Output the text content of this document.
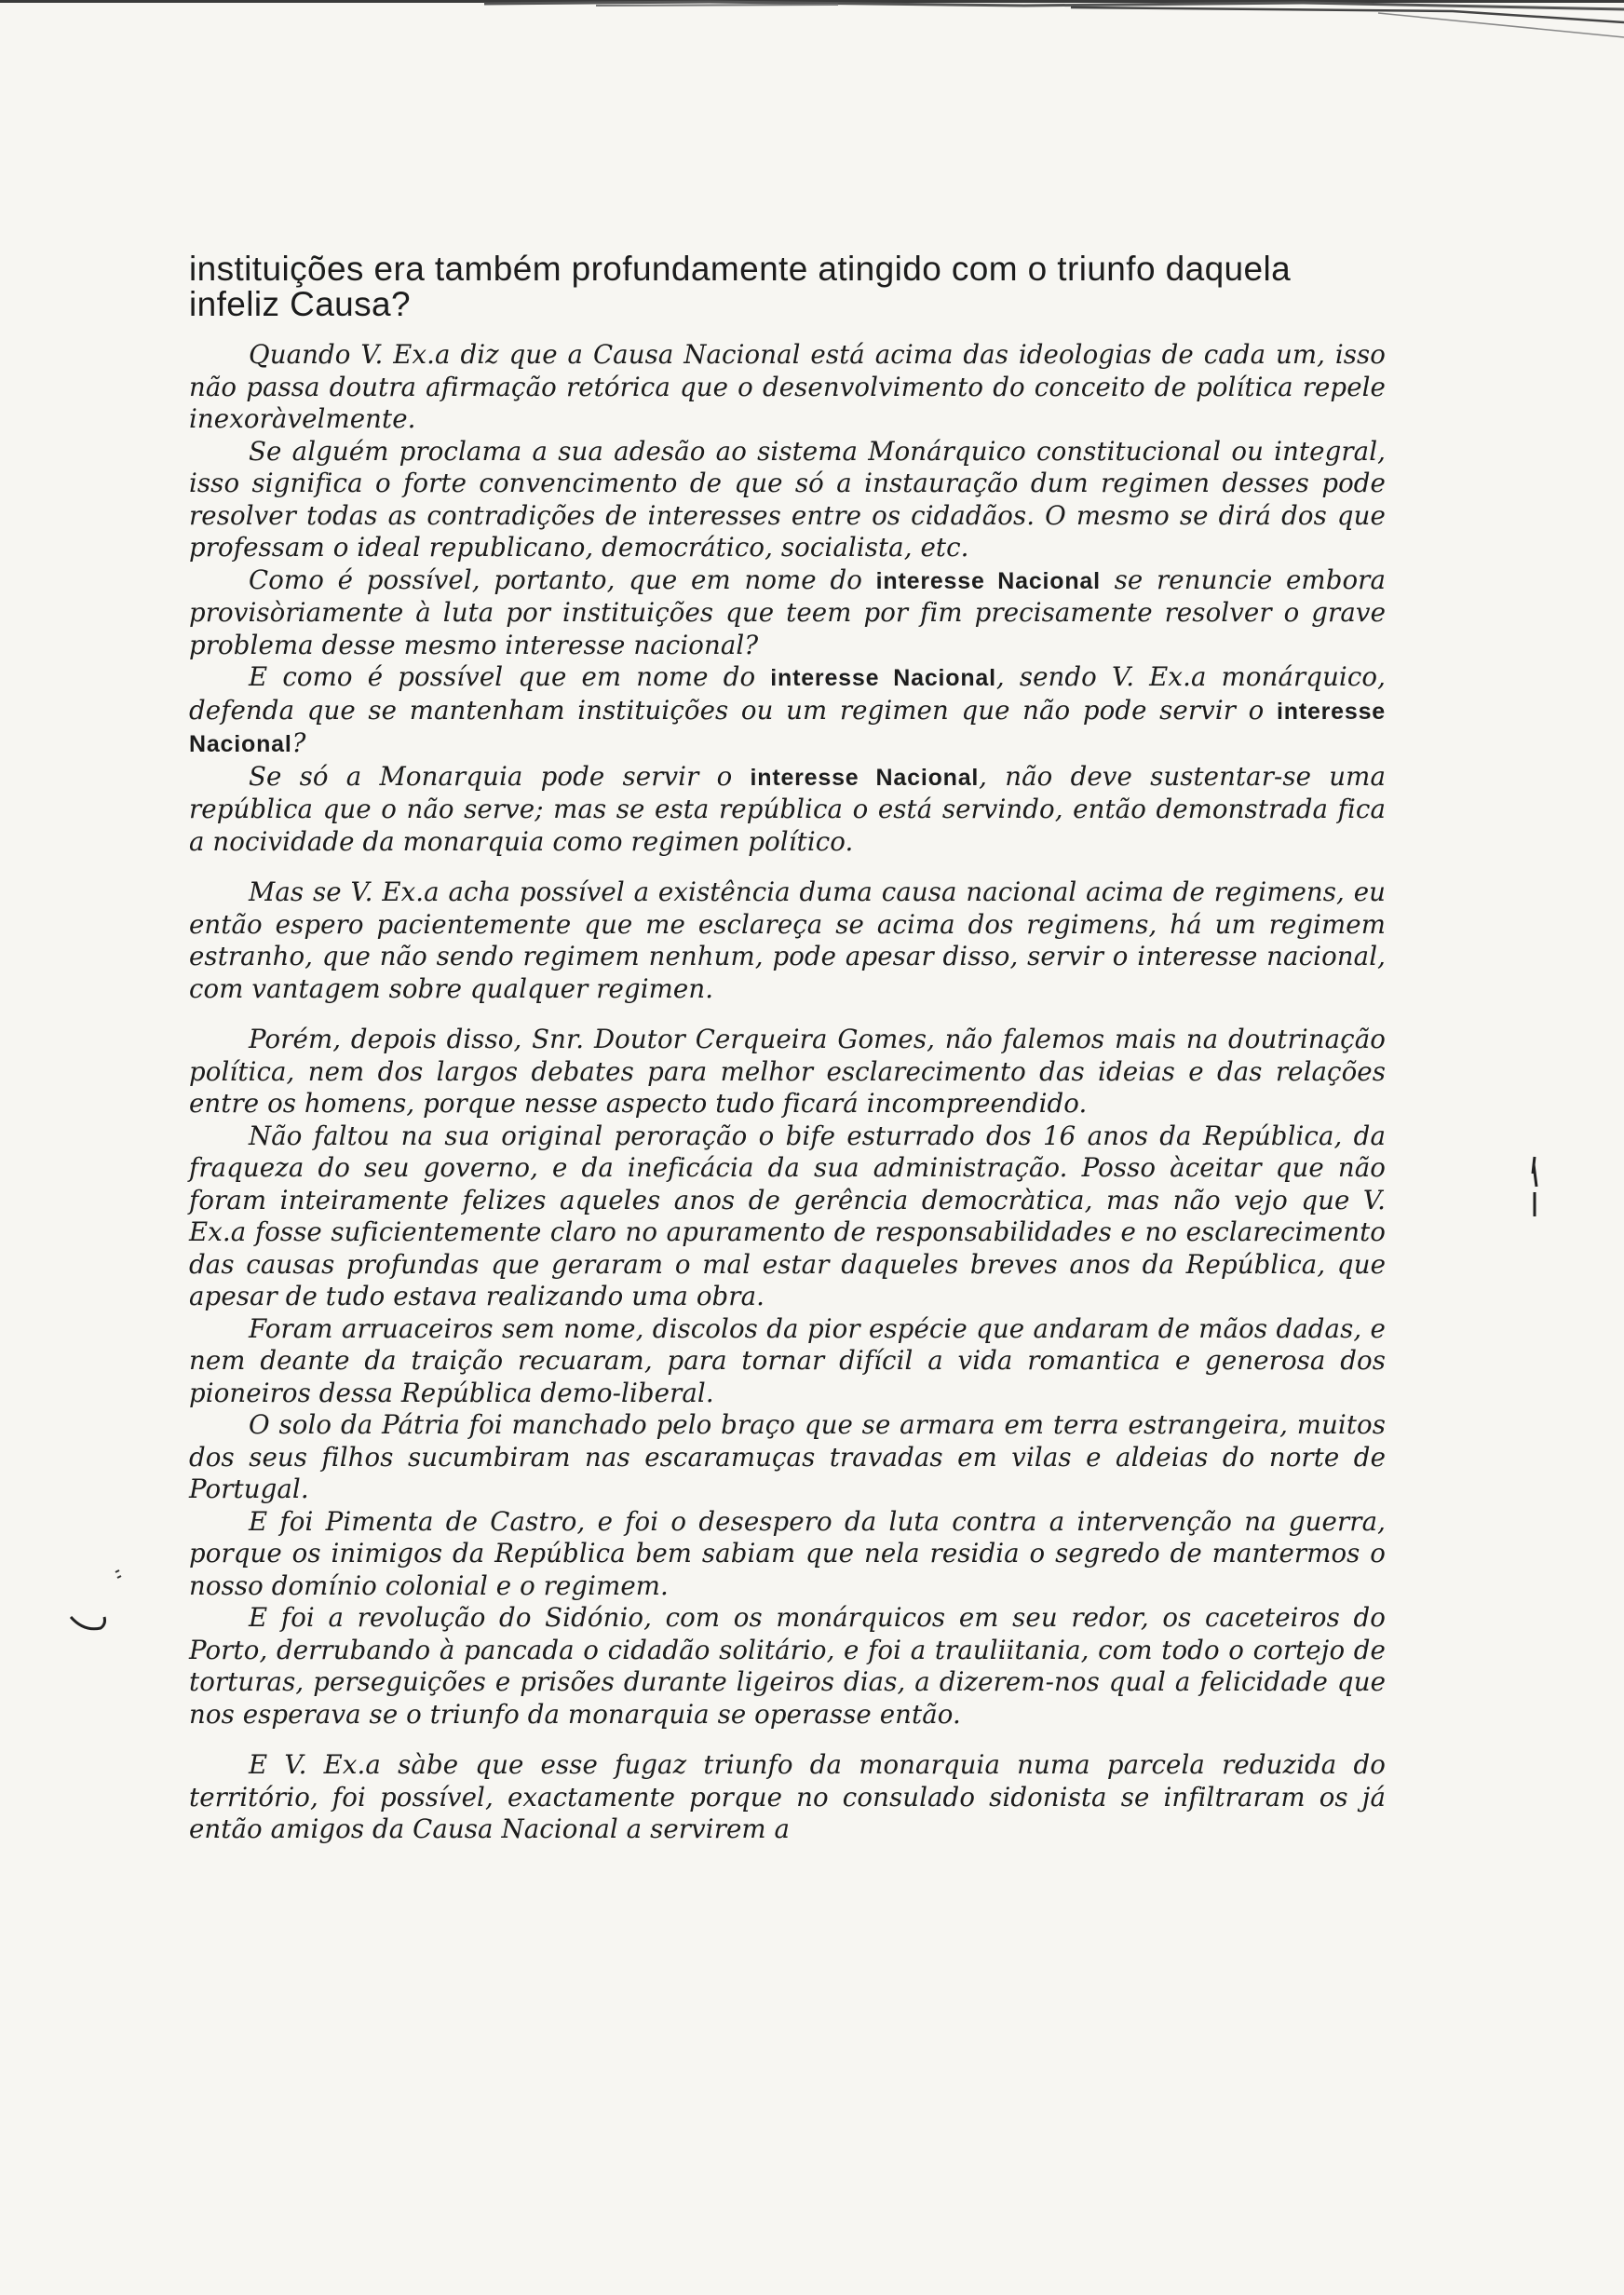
instituições era também profundamente atingido com o triunfo daquela infeliz Causa?

Quando V. Ex.a diz que a Causa Nacional está acima das ideologias de cada um, isso não passa doutra afirmação retórica que o desenvolvimento do conceito de política repele inexoràvelmente.

Se alguém proclama a sua adesão ao sistema Monárquico constitucional ou integral, isso significa o forte convencimento de que só a instauração dum regimen desses pode resolver todas as contradições de interesses entre os cidadãos. O mesmo se dirá dos que professam o ideal republicano, democrático, socialista, etc.

Como é possível, portanto, que em nome do interesse Nacional se renuncie embora provisòriamente à luta por instituições que teem por fim precisamente resolver o grave problema desse mesmo interesse nacional?

E como é possível que em nome do interesse Nacional, sendo V. Ex.a monárquico, defenda que se mantenham instituições ou um regimen que não pode servir o interesse Nacional?

Se só a Monarquia pode servir o interesse Nacional, não deve sustentar-se uma república que o não serve; mas se esta república o está servindo, então demonstrada fica a nocividade da monarquia como regimen político.

Mas se V. Ex.a acha possível a existência duma causa nacional acima de regimens, eu então espero pacientemente que me esclareça se acima dos regimens, há um regimem estranho, que não sendo regimem nenhum, pode apesar disso, servir o interesse nacional, com vantagem sobre qualquer regimen.

Porém, depois disso, Snr. Doutor Cerqueira Gomes, não falemos mais na doutrinação política, nem dos largos debates para melhor esclarecimento das ideias e das relações entre os homens, porque nesse aspecto tudo ficará incompreendido.

Não faltou na sua original peroração o bife esturrado dos 16 anos da República, da fraqueza do seu governo, e da ineficácia da sua administração. Posso àceitar que não foram inteiramente felizes aqueles anos de gerência democràtica, mas não vejo que V. Ex.a fosse suficientemente claro no apuramento de responsabilidades e no esclarecimento das causas profundas que geraram o mal estar daqueles breves anos da República, que apesar de tudo estava realizando uma obra.

Foram arruaceiros sem nome, discolos da pior espécie que andaram de mãos dadas, e nem deante da traição recuaram, para tornar difícil a vida romantica e generosa dos pioneiros dessa República demo-liberal.

O solo da Pátria foi manchado pelo braço que se armara em terra estrangeira, muitos dos seus filhos sucumbiram nas escaramuças travadas em vilas e aldeias do norte de Portugal.

E foi Pimenta de Castro, e foi o desespero da luta contra a intervenção na guerra, porque os inimigos da República bem sabiam que nela residia o segredo de mantermos o nosso domínio colonial e o regimem.

E foi a revolução do Sidónio, com os monárquicos em seu redor, os caceteiros do Porto, derrubando à pancada o cidadão solitário, e foi a trauliitania, com todo o cortejo de torturas, perseguições e prisões durante ligeiros dias, a dizerem-nos qual a felicidade que nos esperava se o triunfo da monarquia se operasse então.

E V. Ex.a sàbe que esse fugaz triunfo da monarquia numa parcela reduzida do território, foi possível, exactamente porque no consulado sidonista se infiltraram os já então amigos da Causa Nacional a servirem a
